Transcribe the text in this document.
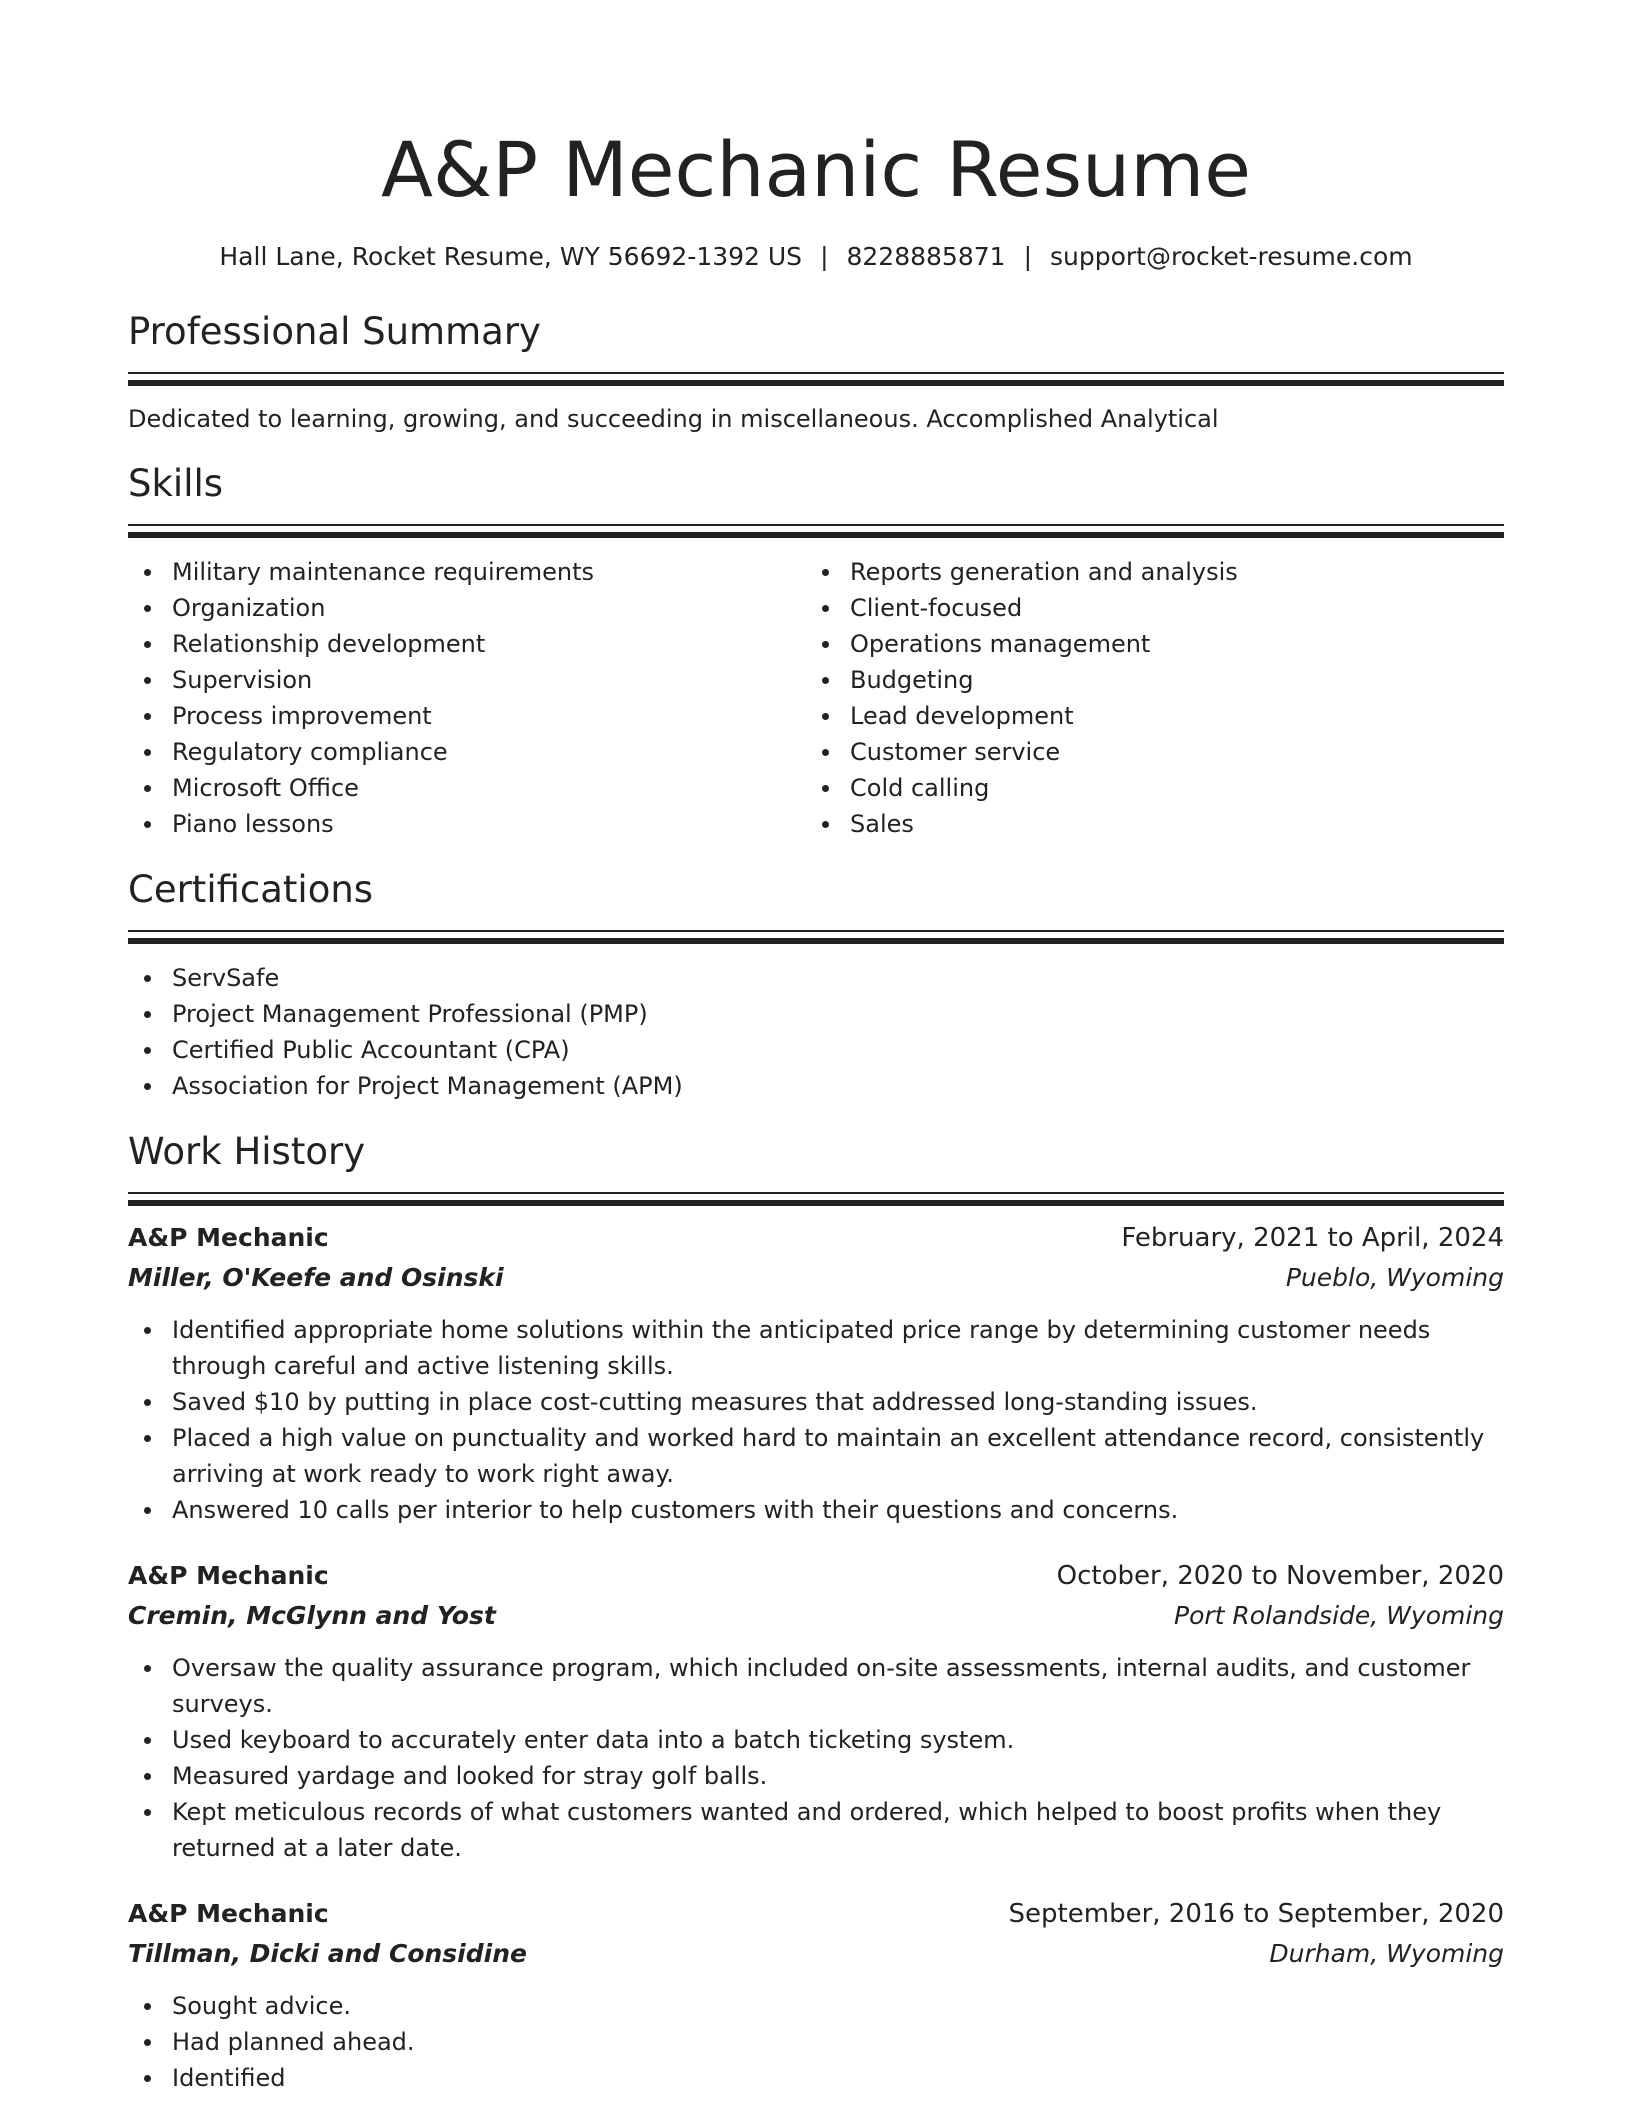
A&P Mechanic Resume
Hall Lane, Rocket Resume, WY 56692-1392 US | 8228885871 | support@rocket-resume.com
Professional Summary
Dedicated to learning, growing, and succeeding in miscellaneous. Accomplished Analytical
Skills
Military maintenance requirements
Organization
Relationship development
Supervision
Process improvement
Regulatory compliance
Microsoft Office
Piano lessons
Reports generation and analysis
Client-focused
Operations management
Budgeting
Lead development
Customer service
Cold calling
Sales
Certifications
ServSafe
Project Management Professional (PMP)
Certified Public Accountant (CPA)
Association for Project Management (APM)
Work History
A&P Mechanic	February, 2021 to April, 2024
Miller, O'Keefe and Osinski	Pueblo, Wyoming
Identified appropriate home solutions within the anticipated price range by determining customer needs through careful and active listening skills.
Saved $10 by putting in place cost-cutting measures that addressed long-standing issues.
Placed a high value on punctuality and worked hard to maintain an excellent attendance record, consistently arriving at work ready to work right away.
Answered 10 calls per interior to help customers with their questions and concerns.
A&P Mechanic	October, 2020 to November, 2020
Cremin, McGlynn and Yost	Port Rolandside, Wyoming
Oversaw the quality assurance program, which included on-site assessments, internal audits, and customer surveys.
Used keyboard to accurately enter data into a batch ticketing system.
Measured yardage and looked for stray golf balls.
Kept meticulous records of what customers wanted and ordered, which helped to boost profits when they returned at a later date.
A&P Mechanic	September, 2016 to September, 2020
Tillman, Dicki and Considine	Durham, Wyoming
Sought advice.
Had planned ahead.
Identified
